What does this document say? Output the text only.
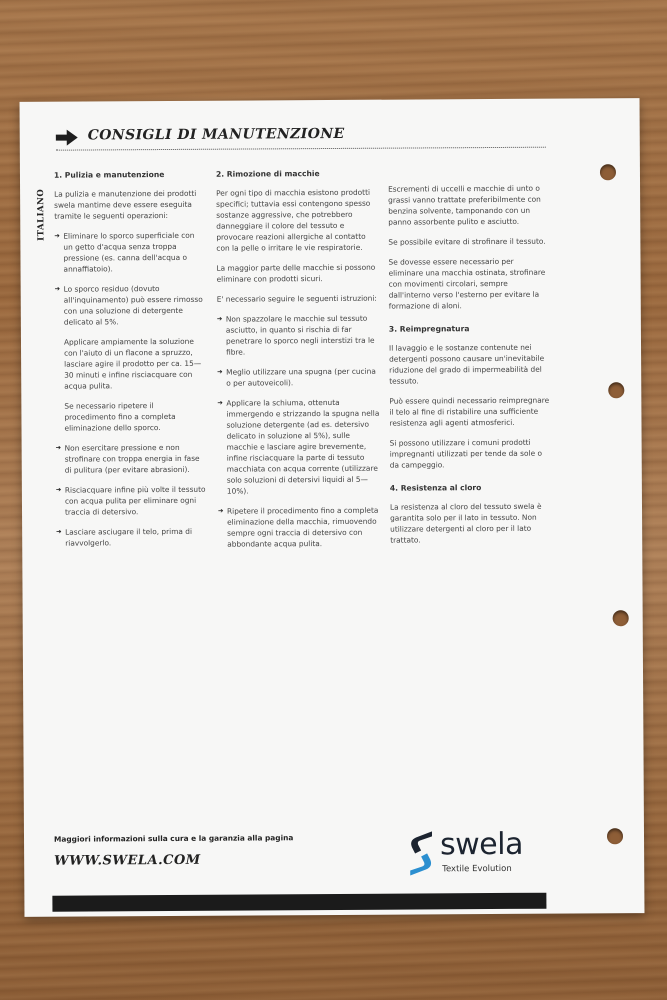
CONSIGLI DI MANUTENZIONE
ITALIANO
1. Pulizia e manutenzione

La pulizia e manutenzione dei prodotti swela mantime deve essere eseguita tramite le seguenti operazioni:

➔ Eliminare lo sporco superficiale con un getto d'acqua senza troppa pressione (es. canna dell'acqua o annaffiatoio).
➔ Lo sporco residuo (dovuto all'inquinamento) può essere rimosso con una soluzione di detergente delicato al 5%.

Applicare ampiamente la soluzione con l'aiuto di un flacone a spruzzo, lasciare agire il prodotto per ca. 15—30 minuti e infine risciacquare con acqua pulita.

Se necessario ripetere il procedimento fino a completa eliminazione dello sporco.

➔ Non esercitare pressione e non strofinare con troppa energia in fase di pulitura (per evitare abrasioni).
➔ Risciacquare infine più volte il tessuto con acqua pulita per eliminare ogni traccia di detersivo.
➔ Lasciare asciugare il telo, prima di riavvolgerlo.
2. Rimozione di macchie

Per ogni tipo di macchia esistono prodotti specifici; tuttavia essi contengono spesso sostanze aggressive, che potrebbero danneggiare il colore del tessuto e provocare reazioni allergiche al contatto con la pelle o irritare le vie respiratorie.

La maggior parte delle macchie si possono eliminare con prodotti sicuri.

E' necessario seguire le seguenti istruzioni:

➔ Non spazzolare le macchie sul tessuto asciutto, in quanto si rischia di far penetrare lo sporco negli interstizi tra le fibre.
➔ Meglio utilizzare una spugna (per cucina o per autoveicoli).
➔ Applicare la schiuma, ottenuta immergendo e strizzando la spugna nella soluzione detergente (ad es. detersivo delicato in soluzione al 5%), sulle macchie e lasciare agire brevemente, infine risciacquare la parte di tessuto macchiata con acqua corrente (utilizzare solo soluzioni di detersivi liquidi al 5—10%).
➔ Ripetere il procedimento fino a completa eliminazione della macchia, rimuovendo sempre ogni traccia di detersivo con abbondante acqua pulita.

Escrementi di uccelli e macchie di unto o grassi vanno trattate preferibilmente con benzina solvente, tamponando con un panno assorbente pulito e asciutto.

Se possibile evitare di strofinare il tessuto.

Se dovesse essere necessario per eliminare una macchia ostinata, strofinare con movimenti circolari, sempre dall'interno verso l'esterno per evitare la formazione di aloni.

3. Reimpregnatura

Il lavaggio e le sostanze contenute nei detergenti possono causare un'inevitabile riduzione del grado di impermeabilità del tessuto.

Può essere quindi necessario reimpregnare il telo al fine di ristabilire una sufficiente resistenza agli agenti atmosferici.

Si possono utilizzare i comuni prodotti impregnanti utilizzati per tende da sole o da campeggio.

4. Resistenza al cloro

La resistenza al cloro del tessuto swela è garantita solo per il lato in tessuto. Non utilizzare detergenti al cloro per il lato trattato.

Maggiori informazioni sulla cura e la garanzia alla pagina
WWW.SWELA.COM	swela
Textile Evolution
